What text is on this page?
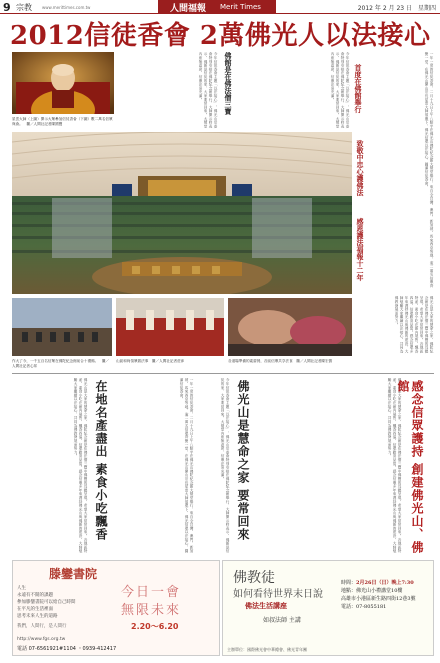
9 宗教	www.merittimes.com.tw	人間福報 Merit Times	2012 年 2 月 23 日　星期四
2012信徒香會 2萬佛光人以法接心
星雲大師（上圖）開示大眾參加信徒香會（下圖）數二萬名信眾與會。　攝／人間社記者陳國寶	今年信徒香會主題「以法接心」，佛光山宗委會特別安排在佛陀紀念館舉行，大師開示時表示，佛館是信徒的家，大家要常回來。大覺堂內座無虛席，信眾法喜充滿。	佛館是在佛法僧三寶	今年信徒香會主題「以法接心」，佛光山宗委會特別安排在佛陀紀念館舉行，大師開示時表示，佛館是信徒的家，大家要常回來。大覺堂內座無虛席，信眾法喜充滿。	首度在佛館舉行	一年一度的信徒香會，二月十九日上午八點半在佛光山佛陀紀念館大覺堂舉行，來自全台灣、澳門、新加坡、馬來西亞等地，逾二萬名信眾齊聚一堂，在佛光山開山宗長星雲大師領眾下，佛光信眾以法接心，圓滿信徒香會。
致敬中忠心護佛法
感恩護法福報十二年
佛光山是大家的慧命之家，佛陀紀念館是在佛法僧三寶中佛寶的具體呈現，希望大家常常回來。各地區特產、素食小吃在館內展售，飄香四溢，信眾歡喜品嘗。感念信眾多年來護持佛光山與佛館的建設，大師勉勵大家繼續以法接心，共同為佛教發展而努力。
作大了今，一千五百名信眾在佛陀紀念館前合十禮佛。　攝／人間社記者心邦
山區和尚領眾做法事　攝／人間社記者莊沛	各道場準備的素齋餐，各區信眾共享法食　攝／人間社記者陳宏儒
佛光山是大家的慧命之家，佛陀紀念館是在佛法僧三寶中佛寶的具體呈現，希望大家常常回來。各地區特產、素食小吃在館內展售，飄香四溢，信眾歡喜品嘗。感念信眾多年來護持佛光山與佛館的建設，大師勉勵大家繼續以法接心，共同為佛教發展而努力。	在地名產盡出 素食小吃飄香	一年一度的信徒香會，二月十九日上午八點半在佛光山佛陀紀念館大覺堂舉行，來自全台灣、澳門、新加坡、馬來西亞等地，逾二萬名信眾齊聚一堂，在佛光山開山宗長星雲大師領眾下，佛光信眾以法接心，圓滿信徒香會。	今年信徒香會主題「以法接心」，佛光山宗委會特別安排在佛陀紀念館舉行，大師開示時表示，佛館是信徒的家，大家要常回來。大覺堂內座無虛席，信眾法喜充滿。 佛光山是慧命之家 要常回來	佛光山是大家的慧命之家，佛陀紀念館是在佛法僧三寶中佛寶的具體呈現，希望大家常常回來。各地區特產、素食小吃在館內展售，飄香四溢，信眾歡喜品嘗。感念信眾多年來護持佛光山與佛館的建設，大師勉勵大家繼續以法接心，共同為佛教發展而努力。	感念信眾護持 創建佛光山、佛館
滕鑾書院
人生
永遠有不開的課題
參加滕鑾書院可以給自己時間
在平凡的生活裡面
思考未來人生的道路
今日一會
無限未來
2.20～6.20
我們，人間行，是人間行
http://www.fgs.org.tw
電話 07-6561921#1104 ・0939-412417
佛教徒
如何看待世界末日說
佛法生活講座
如叔法師 主講
時間：2月26日（日）晚上7:30
地點：佛光山小禮講堂10樓
高雄市小港區新生路四街12巷3號
電話：07-8055181
主辦單位：國際佛光會中華總會、佛光青年團
